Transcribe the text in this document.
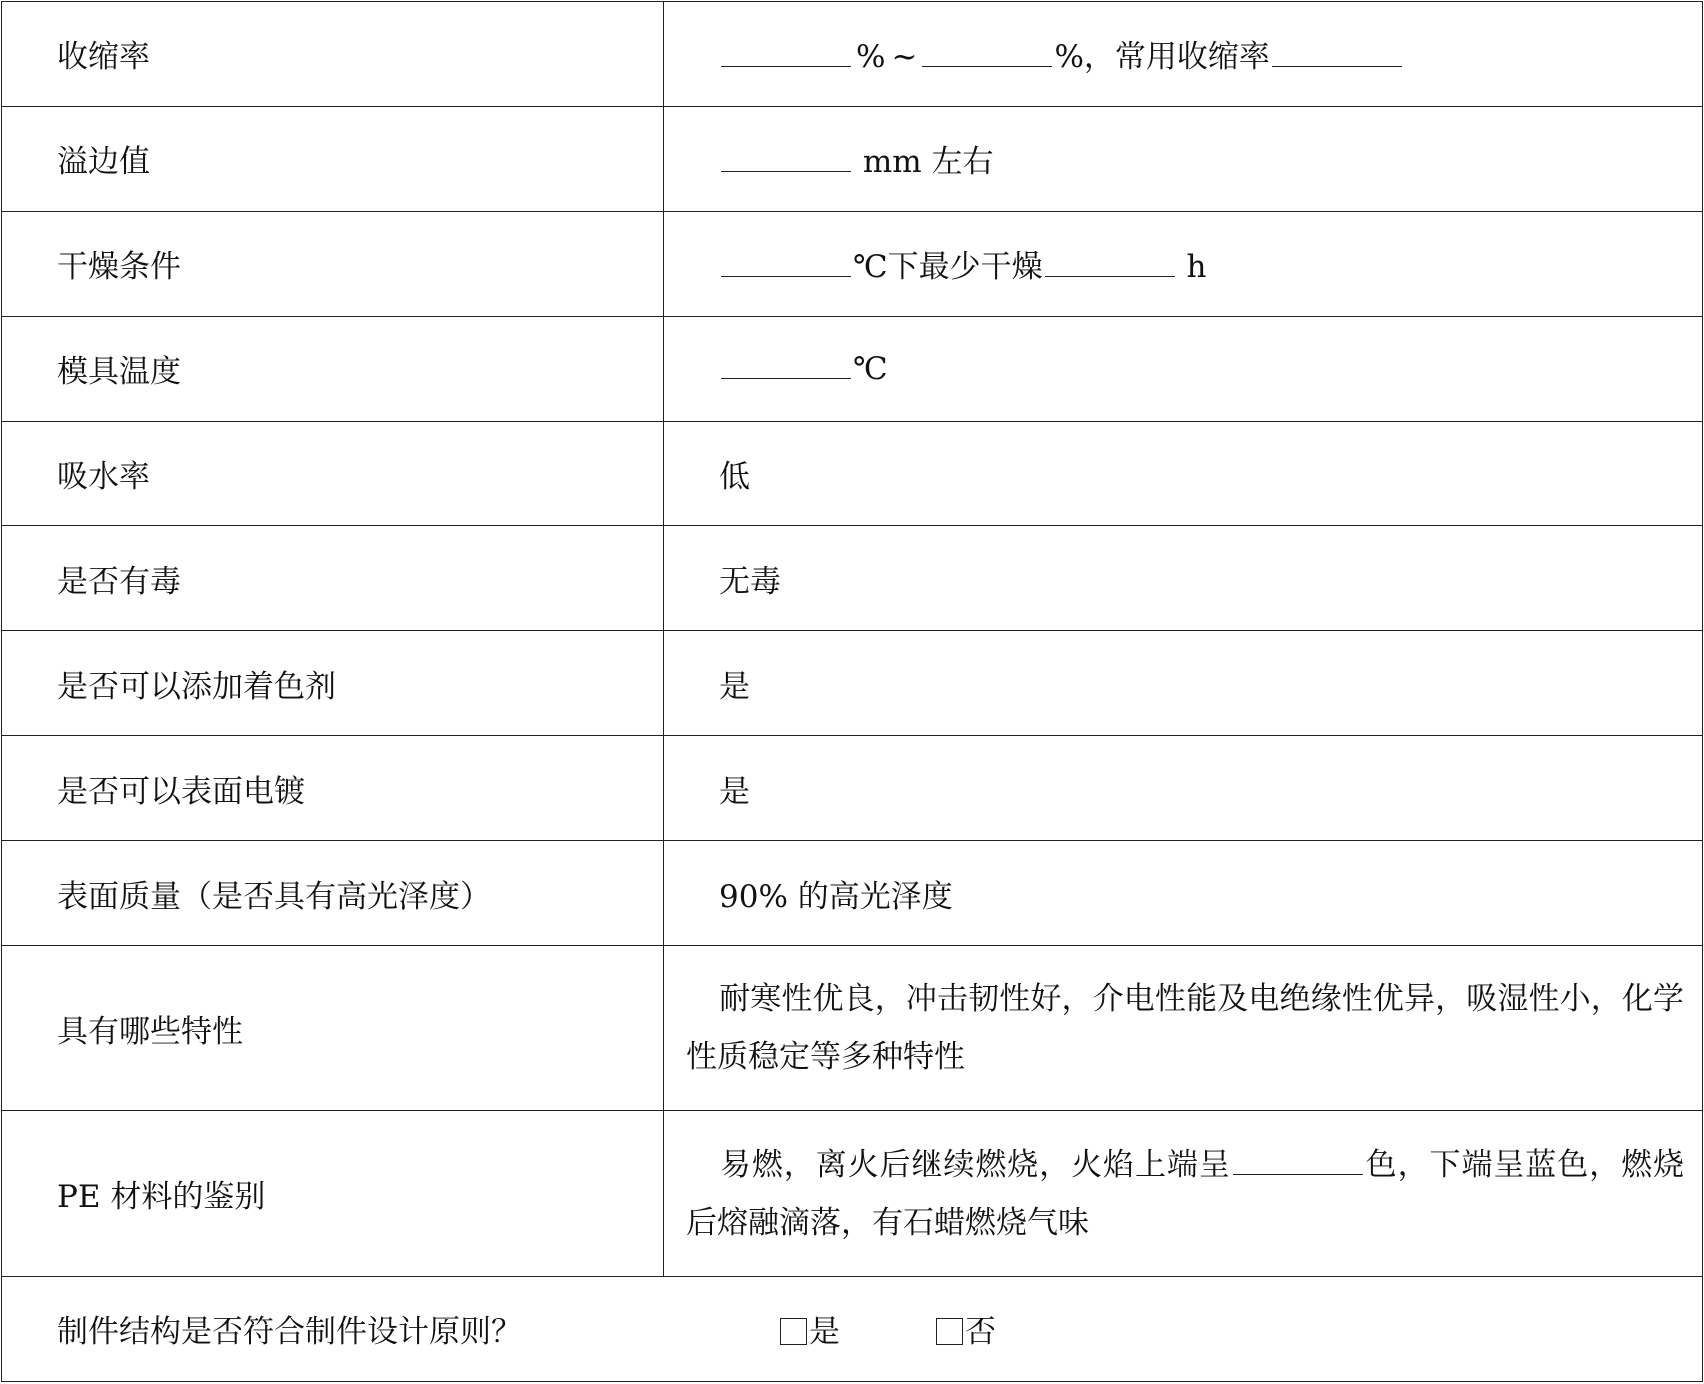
收缩率	% ~ %，常用收缩率
溢边值	mm 左右
干燥条件	℃下最少干燥 h
模具温度	℃
吸水率	低
是否有毒	无毒
是否可以添加着色剂	是
是否可以表面电镀	是
表面质量（是否具有高光泽度）	90% 的高光泽度
具有哪些特性	耐寒性优良，冲击韧性好，介电性能及电绝缘性优异，吸湿性小，化学性质稳定等多种特性
PE 材料的鉴别	易燃，离火后继续燃烧，火焰上端呈 色，下端呈蓝色，燃烧后熔融滴落，有石蜡燃烧气味
制件结构是否符合制件设计原则？ 是 否	
